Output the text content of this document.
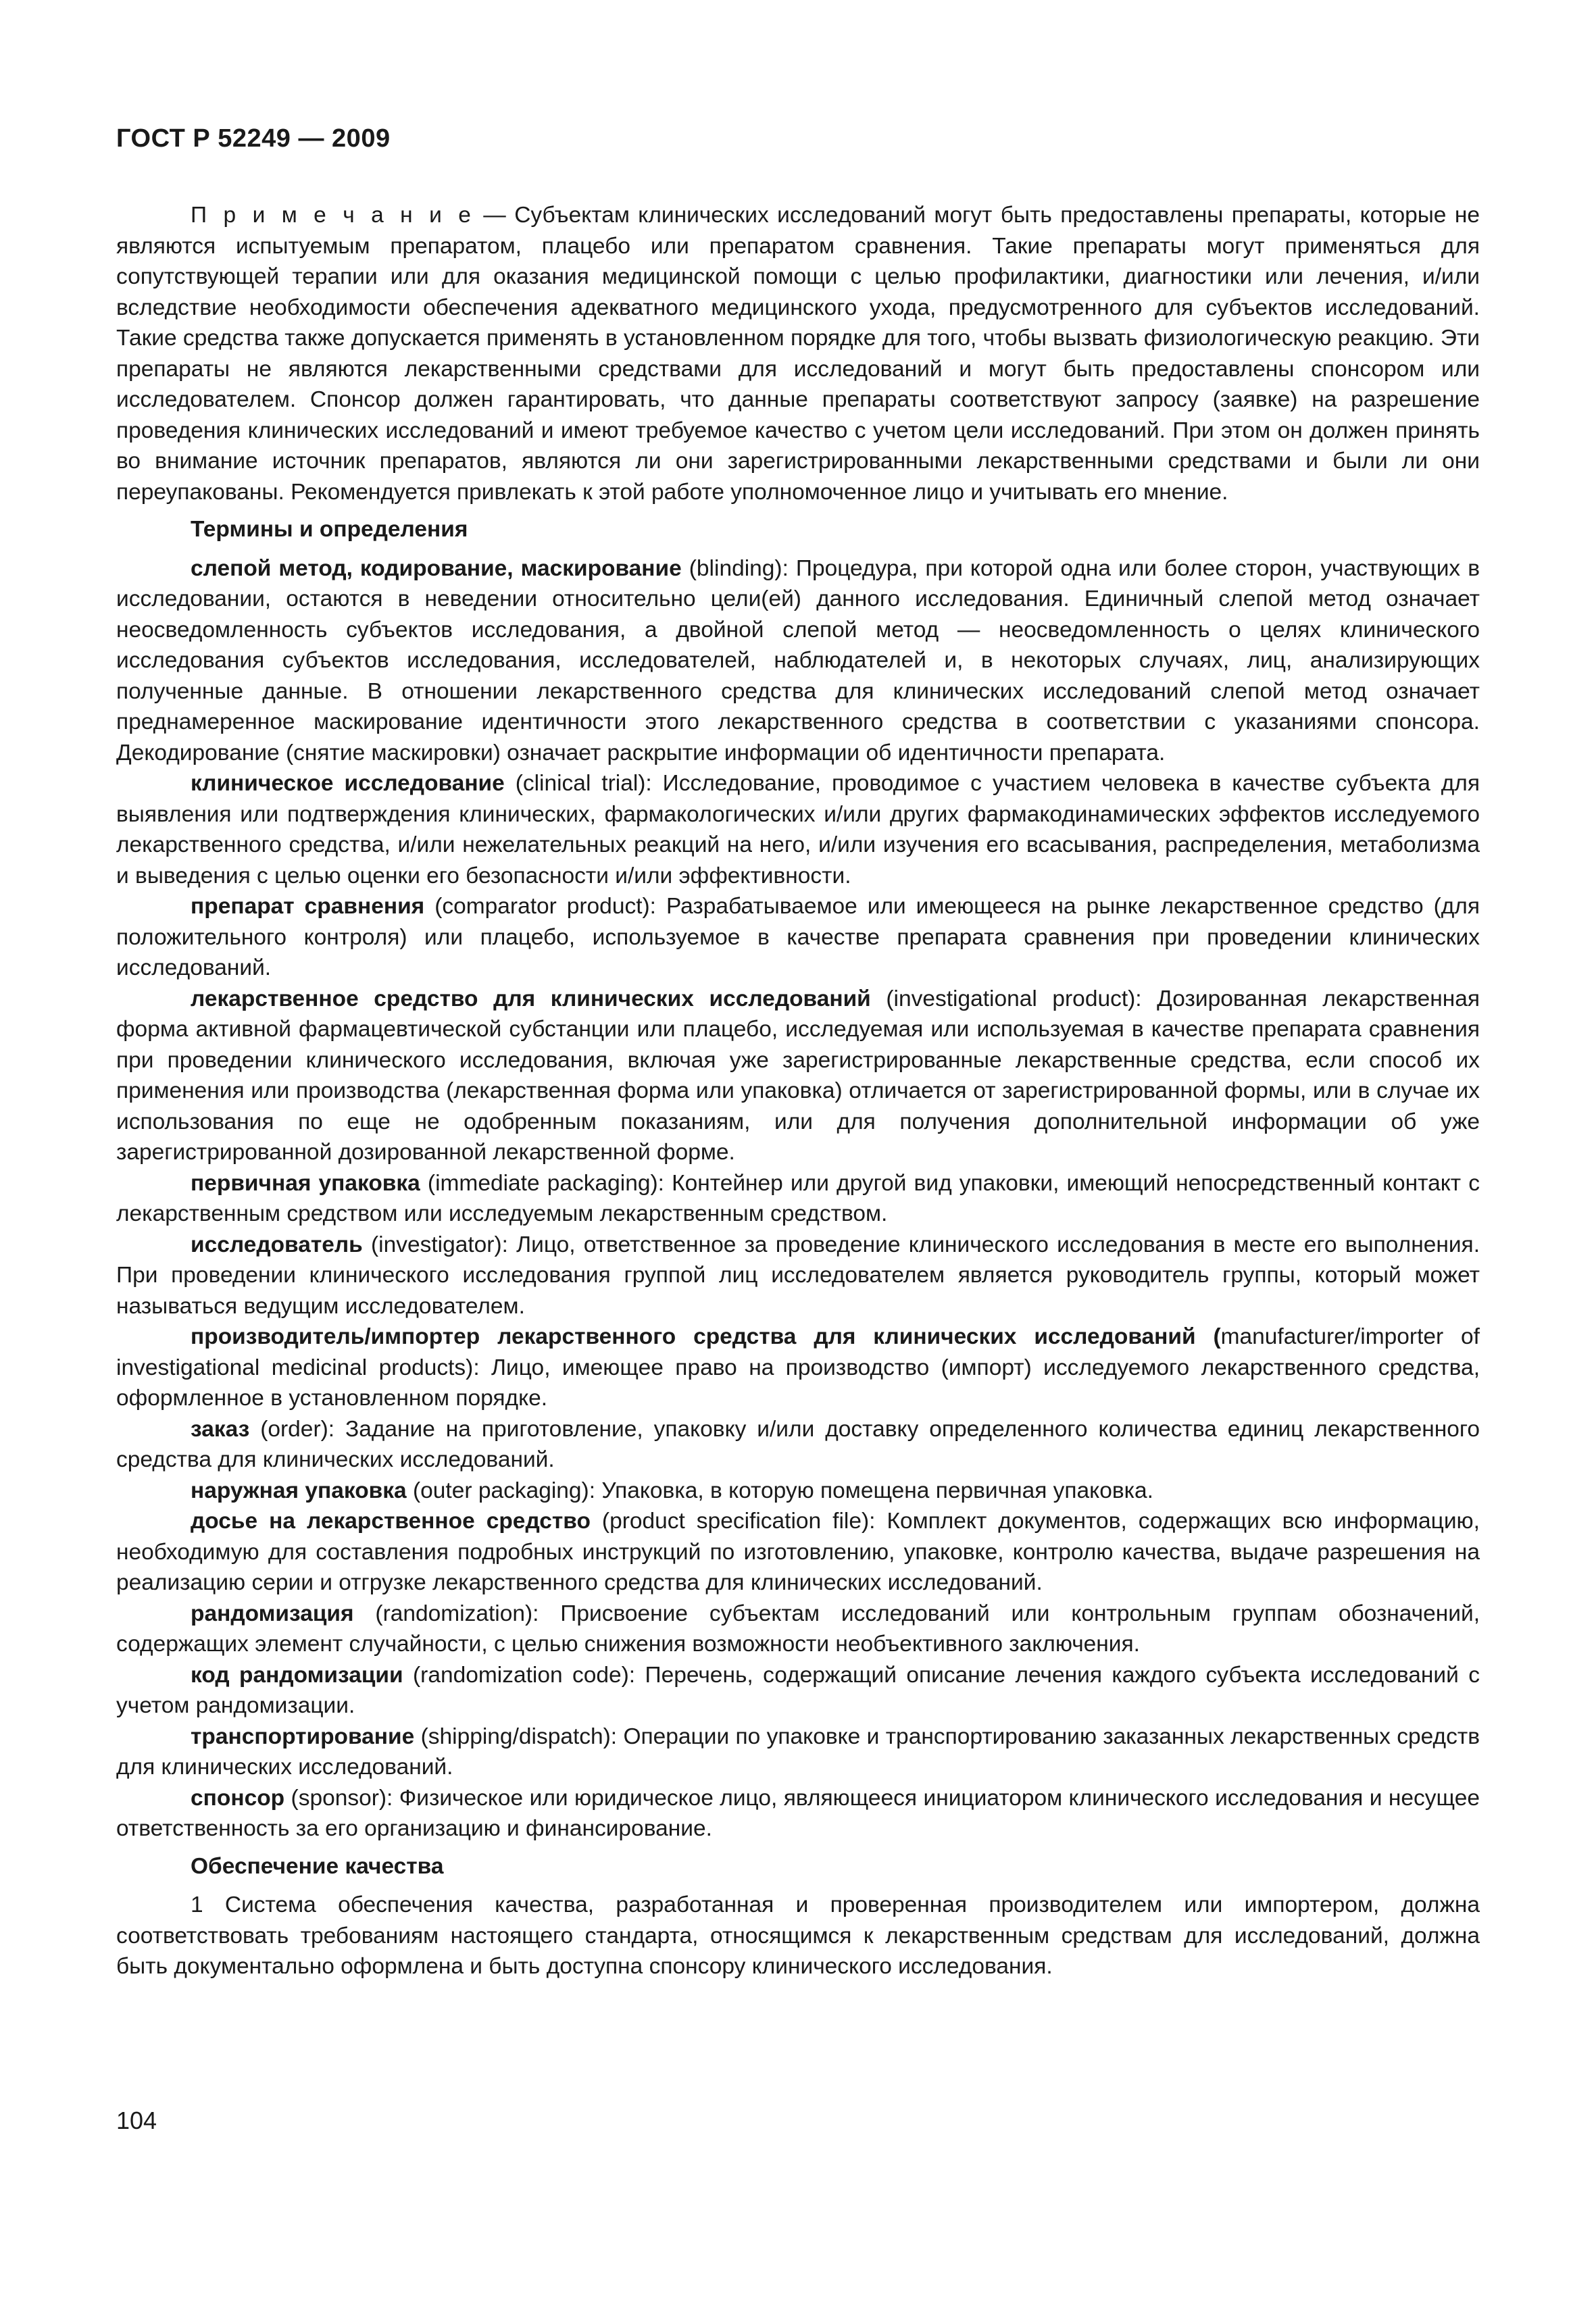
ГОСТ Р 52249 — 2009

П р и м е ч а н и е — Субъектам клинических исследований могут быть предоставлены препараты, которые не являются испытуемым препаратом, плацебо или препаратом сравнения. Такие препараты могут применяться для сопутствующей терапии или для оказания медицинской помощи с целью профилактики, диагностики или лечения, и/или вследствие необходимости обеспечения адекватного медицинского ухода, предусмотренного для субъектов исследований. Такие средства также допускается применять в установленном порядке для того, чтобы вызвать физиологическую реакцию. Эти препараты не являются лекарственными средствами для исследований и могут быть предоставлены спонсором или исследователем. Спонсор должен гарантировать, что данные препараты соответствуют запросу (заявке) на разрешение проведения клинических исследований и имеют требуемое качество с учетом цели исследований. При этом он должен принять во внимание источник препаратов, являются ли они зарегистрированными лекарственными средствами и были ли они переупакованы. Рекомендуется привлекать к этой работе уполномоченное лицо и учитывать его мнение.

Термины и определения

слепой метод, кодирование, маскирование (blinding): Процедура, при которой одна или более сторон, участвующих в исследовании, остаются в неведении относительно цели(ей) данного исследования. Единичный слепой метод означает неосведомленность субъектов исследования, а двойной слепой метод — неосведомленность о целях клинического исследования субъектов исследования, исследователей, наблюдателей и, в некоторых случаях, лиц, анализирующих полученные данные. В отношении лекарственного средства для клинических исследований слепой метод означает преднамеренное маскирование идентичности этого лекарственного средства в соответствии с указаниями спонсора. Декодирование (снятие маскировки) означает раскрытие информации об идентичности препарата.

клиническое исследование (clinical trial): Исследование, проводимое с участием человека в качестве субъекта для выявления или подтверждения клинических, фармакологических и/или других фармакодинамических эффектов исследуемого лекарственного средства, и/или нежелательных реакций на него, и/или изучения его всасывания, распределения, метаболизма и выведения с целью оценки его безопасности и/или эффективности.

препарат сравнения (comparator product): Разрабатываемое или имеющееся на рынке лекарственное средство (для положительного контроля) или плацебо, используемое в качестве препарата сравнения при проведении клинических исследований.

лекарственное средство для клинических исследований (investigational product): Дозированная лекарственная форма активной фармацевтической субстанции или плацебо, исследуемая или используемая в качестве препарата сравнения при проведении клинического исследования, включая уже зарегистрированные лекарственные средства, если способ их применения или производства (лекарственная форма или упаковка) отличается от зарегистрированной формы, или в случае их использования по еще не одобренным показаниям, или для получения дополнительной информации об уже зарегистрированной дозированной лекарственной форме.

первичная упаковка (immediate packaging): Контейнер или другой вид упаковки, имеющий непосредственный контакт с лекарственным средством или исследуемым лекарственным средством.

исследователь (investigator): Лицо, ответственное за проведение клинического исследования в месте его выполнения. При проведении клинического исследования группой лиц исследователем является руководитель группы, который может называться ведущим исследователем.

производитель/импортер лекарственного средства для клинических исследований (manufacturer/importer of investigational medicinal products): Лицо, имеющее право на производство (импорт) исследуемого лекарственного средства, оформленное в установленном порядке.

заказ (order): Задание на приготовление, упаковку и/или доставку определенного количества единиц лекарственного средства для клинических исследований.

наружная упаковка (outer packaging): Упаковка, в которую помещена первичная упаковка.

досье на лекарственное средство (product specification file): Комплект документов, содержащих всю информацию, необходимую для составления подробных инструкций по изготовлению, упаковке, контролю качества, выдаче разрешения на реализацию серии и отгрузке лекарственного средства для клинических исследований.

рандомизация (randomization): Присвоение субъектам исследований или контрольным группам обозначений, содержащих элемент случайности, с целью снижения возможности необъективного заключения.

код рандомизации (randomization code): Перечень, содержащий описание лечения каждого субъекта исследований с учетом рандомизации.

транспортирование (shipping/dispatch): Операции по упаковке и транспортированию заказанных лекарственных средств для клинических исследований.

спонсор (sponsor): Физическое или юридическое лицо, являющееся инициатором клинического исследования и несущее ответственность за его организацию и финансирование.

Обеспечение качества

1 Система обеспечения качества, разработанная и проверенная производителем или импортером, должна соответствовать требованиям настоящего стандарта, относящимся к лекарственным средствам для исследований, должна быть документально оформлена и быть доступна спонсору клинического исследования.

104
